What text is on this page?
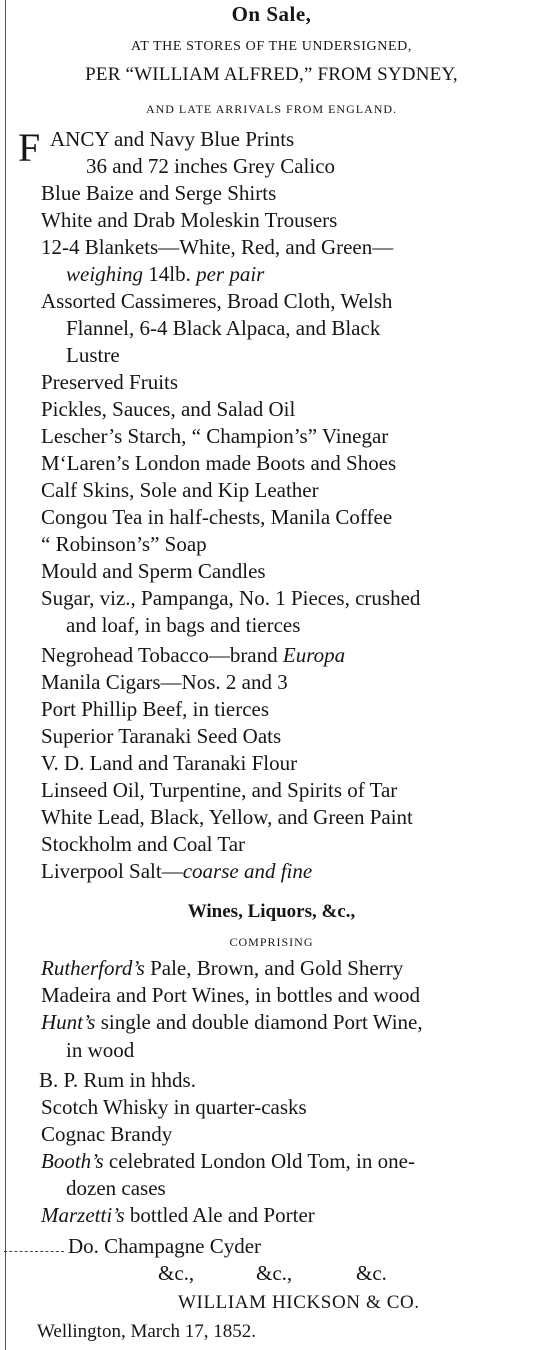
On Sale,
AT THE STORES OF THE UNDERSIGNED,
PER “WILLIAM ALFRED,” FROM SYDNEY,
AND LATE ARRIVALS FROM ENGLAND.
F ANCY and Navy Blue Prints
36 and 72 inches Grey Calico
Blue Baize and Serge Shirts
White and Drab Moleskin Trousers
12-4 Blankets—White, Red, and Green—
weighing 14lb. per pair
Assorted Cassimeres, Broad Cloth, Welsh
Flannel, 6-4 Black Alpaca, and Black
Lustre
Preserved Fruits
Pickles, Sauces, and Salad Oil
Lescher’s Starch, “ Champion’s” Vinegar
M‘Laren’s London made Boots and Shoes
Calf Skins, Sole and Kip Leather
Congou Tea in half-chests, Manila Coffee
“ Robinson’s” Soap
Mould and Sperm Candles
Sugar, viz., Pampanga, No. 1 Pieces, crushed
and loaf, in bags and tierces
Negrohead Tobacco—brand Europa
Manila Cigars—Nos. 2 and 3
Port Phillip Beef, in tierces
Superior Taranaki Seed Oats
V. D. Land and Taranaki Flour
Linseed Oil, Turpentine, and Spirits of Tar
White Lead, Black, Yellow, and Green Paint
Stockholm and Coal Tar
Liverpool Salt—coarse and fine
Wines, Liquors, &c.,
COMPRISING
Rutherford’s Pale, Brown, and Gold Sherry
Madeira and Port Wines, in bottles and wood
Hunt’s single and double diamond Port Wine,
in wood
B. P. Rum in hhds.
Scotch Whisky in quarter-casks
Cognac Brandy
Booth’s celebrated London Old Tom, in one-
dozen cases
Marzetti’s bottled Ale and Porter
Do. Champagne Cyder
&c.,	&c.,	&c.
WILLIAM HICKSON & CO.
Wellington, March 17, 1852.
